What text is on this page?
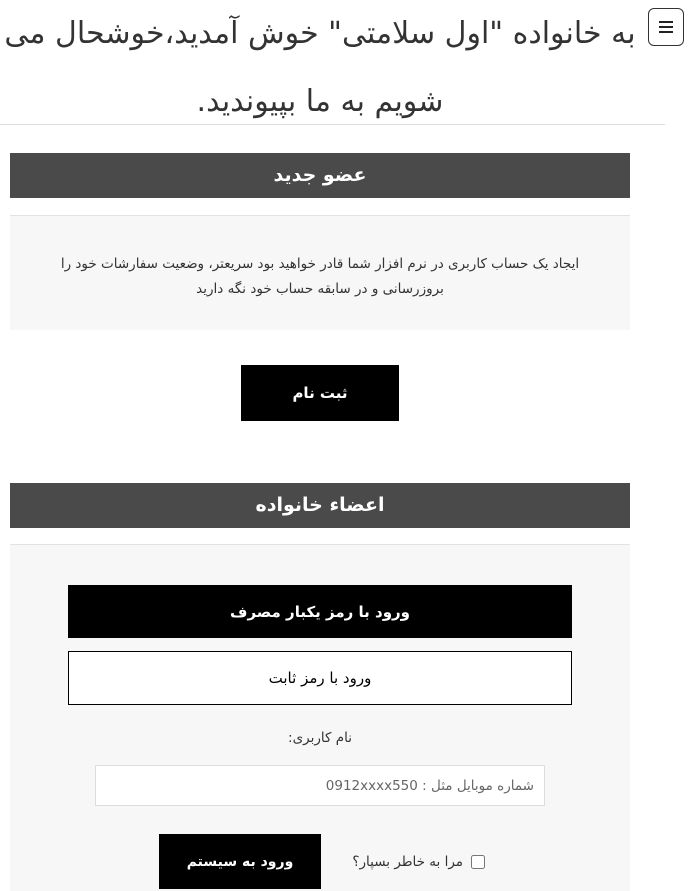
به خانواده "اول سلامتی" خوش آمدید،خوشحال می شویم به ما بپیوندید.
عضو جدید
ایجاد یک حساب کاربری در نرم افزار شما قادر خواهید بود سریعتر، وضعیت سفارشات خود را بروزرسانی و در سابقه حساب خود نگه دارید
ثبت نام
اعضاء خانواده
ورود با رمز یکبار مصرف
ورود با رمز ثابت
نام کاربری:
شماره موبایل مثل : 0912xxxx550
ورود به سیستم	مرا به خاطر بسپار؟
